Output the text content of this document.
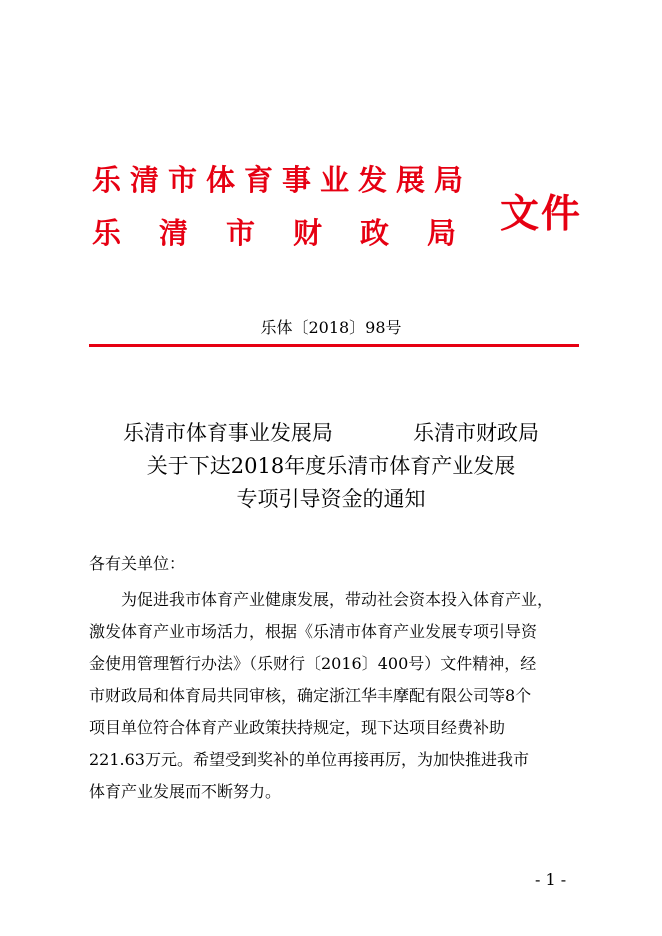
乐清市体育事业发展局
乐清市财政局 文件
乐体〔2018〕98号
乐清市体育事业发展局            乐清市财政局
关于下达2018年度乐清市体育产业发展
专项引导资金的通知
各有关单位：
为促进我市体育产业健康发展，带动社会资本投入体育产业，
激发体育产业市场活力，根据《乐清市体育产业发展专项引导资
金使用管理暂行办法》（乐财行〔2016〕400号）文件精神，经
市财政局和体育局共同审核，确定浙江华丰摩配有限公司等8个
项目单位符合体育产业政策扶持规定，现下达项目经费补助
221.63万元。希望受到奖补的单位再接再厉，为加快推进我市
体育产业发展而不断努力。
- 1 -
